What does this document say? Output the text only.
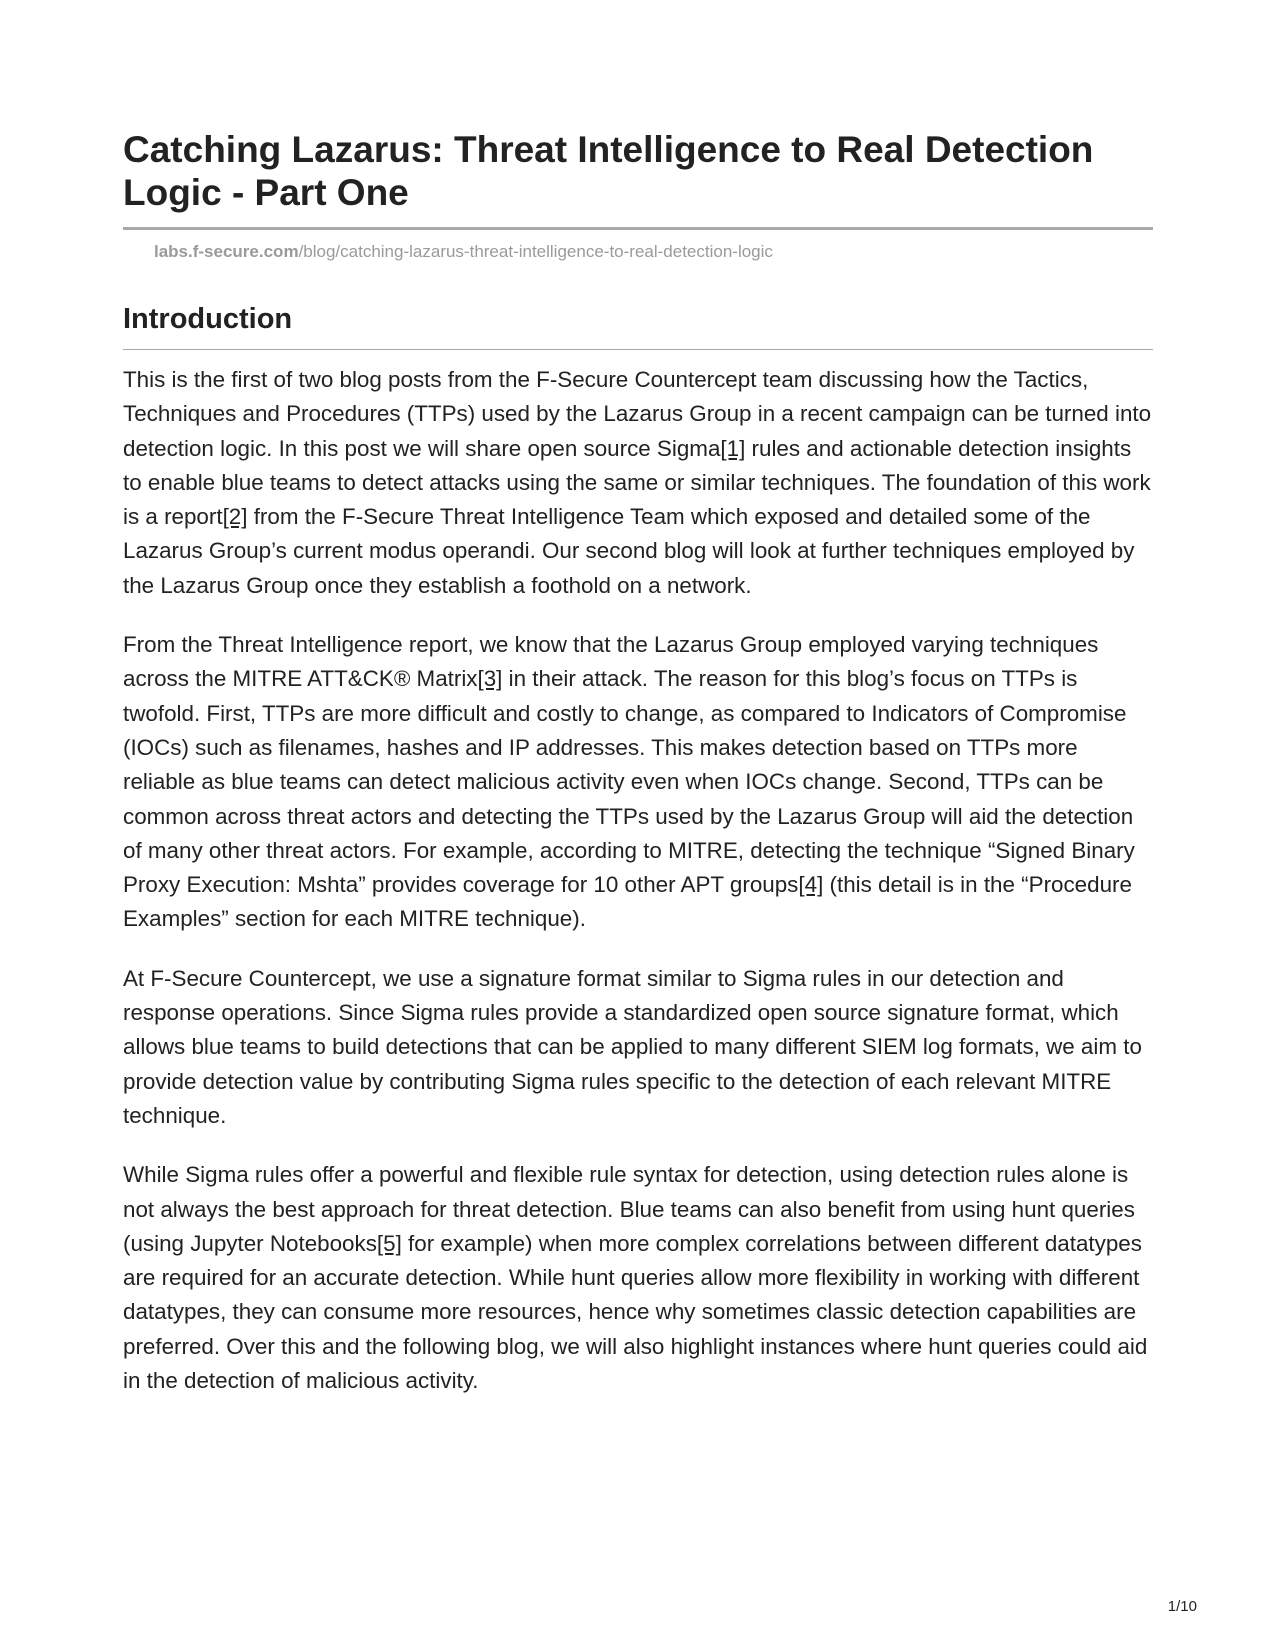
Catching Lazarus: Threat Intelligence to Real Detection Logic - Part One
labs.f-secure.com/blog/catching-lazarus-threat-intelligence-to-real-detection-logic
Introduction

This is the first of two blog posts from the F-Secure Countercept team discussing how the Tactics, Techniques and Procedures (TTPs) used by the Lazarus Group in a recent campaign can be turned into detection logic. In this post we will share open source Sigma[1] rules and actionable detection insights to enable blue teams to detect attacks using the same or similar techniques. The foundation of this work is a report[2] from the F-Secure Threat Intelligence Team which exposed and detailed some of the Lazarus Group’s current modus operandi. Our second blog will look at further techniques employed by the Lazarus Group once they establish a foothold on a network.

From the Threat Intelligence report, we know that the Lazarus Group employed varying techniques across the MITRE ATT&CK® Matrix[3] in their attack. The reason for this blog’s focus on TTPs is twofold. First, TTPs are more difficult and costly to change, as compared to Indicators of Compromise (IOCs) such as filenames, hashes and IP addresses. This makes detection based on TTPs more reliable as blue teams can detect malicious activity even when IOCs change. Second, TTPs can be common across threat actors and detecting the TTPs used by the Lazarus Group will aid the detection of many other threat actors. For example, according to MITRE, detecting the technique “Signed Binary Proxy Execution: Mshta” provides coverage for 10 other APT groups[4] (this detail is in the “Procedure Examples” section for each MITRE technique).

At F-Secure Countercept, we use a signature format similar to Sigma rules in our detection and response operations. Since Sigma rules provide a standardized open source signature format, which allows blue teams to build detections that can be applied to many different SIEM log formats, we aim to provide detection value by contributing Sigma rules specific to the detection of each relevant MITRE technique.

While Sigma rules offer a powerful and flexible rule syntax for detection, using detection rules alone is not always the best approach for threat detection. Blue teams can also benefit from using hunt queries (using Jupyter Notebooks[5] for example) when more complex correlations between different datatypes are required for an accurate detection. While hunt queries allow more flexibility in working with different datatypes, they can consume more resources, hence why sometimes classic detection capabilities are preferred. Over this and the following blog, we will also highlight instances where hunt queries could aid in the detection of malicious activity.

1/10
